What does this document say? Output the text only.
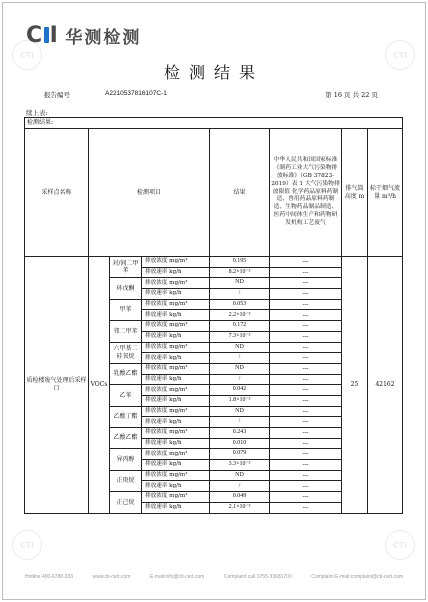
CTI	CTI
CTI	CTI
C I 华测检测
检测结果
报告编号	A2210537816107C-1	第 16 页 共 22 页
续上表:
检测结果:							
采样点名称	检测项目			结果	中华人民共和国国家标准《制药工业大气污染物排放标准》（GB 37823-2019）表 1 大气污染物排放限值 化学药品原料药制造、兽用药品原料药制造、生物药品制品制造、医药中间体生产和药物研发机构工艺废气	排气筒高度 m	标干烟气流量 m³/h
质检楼废气处理后采样口	VOCs	对/间二甲苯	排放浓度 mg/m³	0.195	---	25	42162
			排放速率 kg/h	8.2×10⁻³	---		
		环戊酮	排放浓度 mg/m³	ND	---		
			排放速率 kg/h	/	---		
		甲苯	排放浓度 mg/m³	0.053	---		
			排放速率 kg/h	2.2×10⁻³	---		
		邻二甲苯	排放浓度 mg/m³	0.172	---		
			排放速率 kg/h	7.3×10⁻³	---		
		六甲基二硅氧烷	排放浓度 mg/m³	ND	---		
			排放速率 kg/h	/	---		
		乳酸乙酯	排放浓度 mg/m³	ND	---		
			排放速率 kg/h	/	---		
		乙苯	排放浓度 mg/m³	0.042	---		
			排放速率 kg/h	1.8×10⁻³	---		
		乙酸丁酯	排放浓度 mg/m³	ND	---		
			排放速率 kg/h	/	---		
		乙酸乙酯	排放浓度 mg/m³	0.243	---		
			排放速率 kg/h	0.010	---		
		异丙醇	排放浓度 mg/m³	0.079	---		
			排放速率 kg/h	3.3×10⁻³	---		
		正庚烷	排放浓度 mg/m³	ND	---		
			排放速率 kg/h	/	---		
		正己烷	排放浓度 mg/m³	0.049	---		
			排放速率 kg/h	2.1×10⁻³	---		
Hotline 400-6788-333	www.cti-cert.com	E-mail:info@cti-cert.com	Complaint call 0755-33681700	Complaint E-mail:complaint@cti-cert.com
